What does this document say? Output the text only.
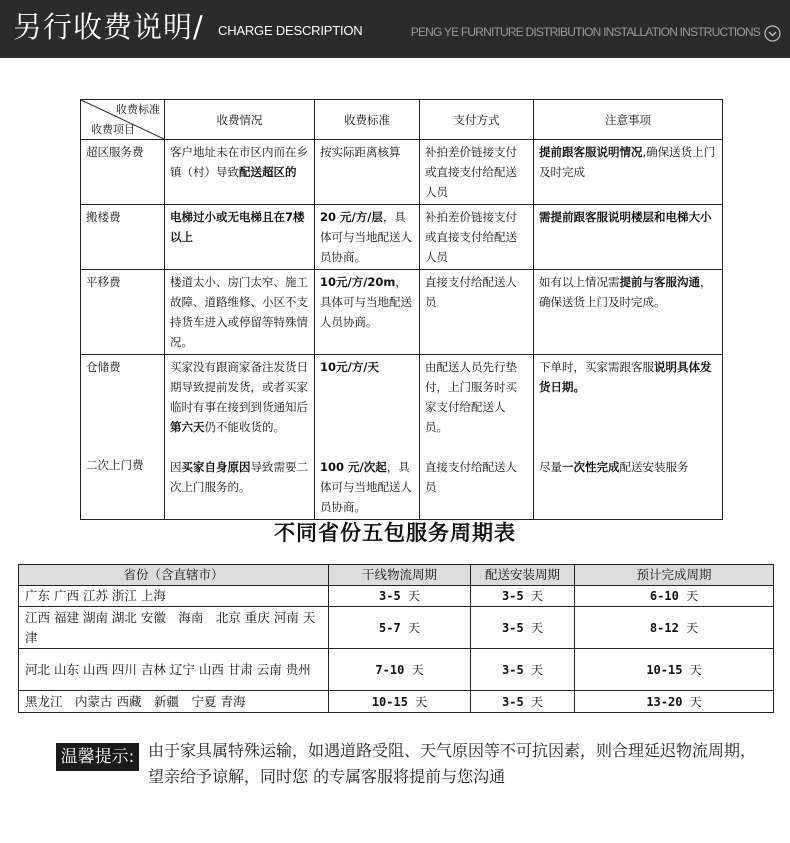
另行收费说明/ CHARGE DESCRIPTION	PENG YE FURNITURE DISTRIBUTION INSTALLATION INSTRUCTIONS
收费标准
收费项目	收费情况	收费标准	支付方式	注意事项
超区服务费	客户地址未在市区内而在乡镇（村）导致配送超区的	按实际距离核算	补拍差价链接支付或直接支付给配送人员	提前跟客服说明情况,确保送货上门及时完成
搬楼费	电梯过小或无电梯且在7楼以上	20 元/方/层，具体可与当地配送人员协商。	补拍差价链接支付或直接支付给配送人员	需提前跟客服说明楼层和电梯大小
平移费	楼道太小、房门太窄、施工故障、道路维修、小区不支持货车进入或停留等特殊情况。	10元/方/20m，具体可与当地配送人员协商。	直接支付给配送人员	如有以上情况需提前与客服沟通，确保送货上门及时完成。
仓储费	买家没有跟商家备注发货日期导致提前发货，或者买家临时有事在接到到货通知后第六天仍不能收货的。	10元/方/天	由配送人员先行垫付，上门服务时买家支付给配送人员。	下单时，买家需跟客服说明具体发货日期。
二次上门费	因买家自身原因导致需要二次上门服务的。	100 元/次起，具体可与当地配送人员协商。	直接支付给配送人员	尽量一次性完成配送安装服务
不同省份五包服务周期表
省份（含直辖市）	干线物流周期	配送安装周期	预计完成周期
广东 广西 江苏 浙江 上海	3-5 天	3-5 天	6-10 天
江西 福建 湖南 湖北 安徽　海南　北京 重庆 河南 天津	5-7 天	3-5 天	8-12 天
河北 山东 山西 四川 吉林 辽宁 山西 甘肃 云南 贵州	7-10 天	3-5 天	10-15 天
黑龙江　内蒙古 西藏　新疆　宁夏 青海	10-15 天	3-5 天	13-20 天
温馨提示: 由于家具属特殊运输，如遇道路受阻、天气原因等不可抗因素，则合理延迟物流周期，望亲给予谅解，同时您 的专属客服将提前与您沟通
